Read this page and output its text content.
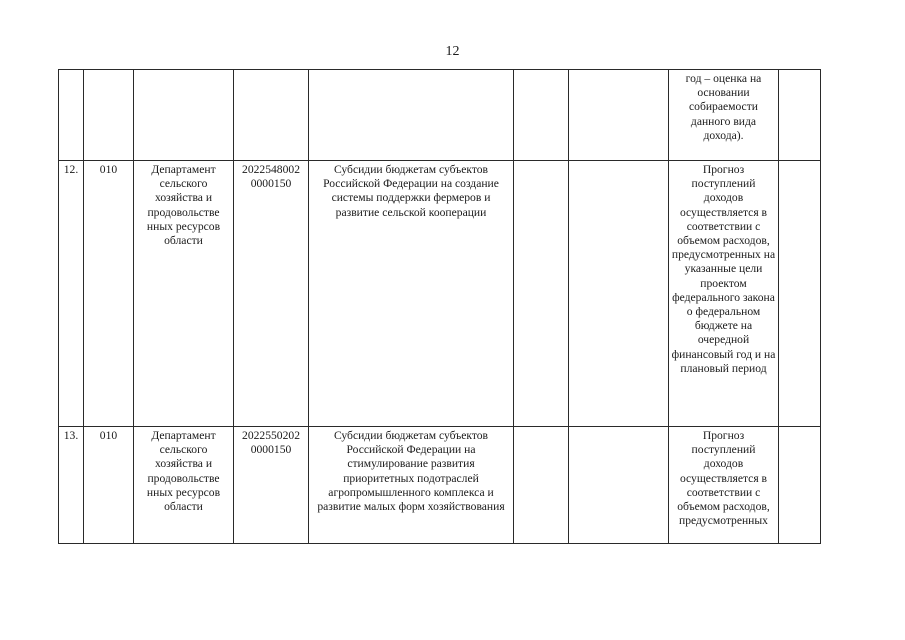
12

							год – оценка на основании собираемости данного вида дохода).	

12.	010	Департамент сельского хозяйства и продовольстве нных ресурсов области	2022548002 0000150	Субсидии бюджетам субъектов Российской Федерации на создание системы поддержки фермеров и развитие сельской кооперации			Прогноз поступлений доходов осуществляется в соответствии с объемом расходов, предусмотренных на указанные цели проектом федерального закона о федеральном бюджете на очередной финансовый год и на плановый период	

13.	010	Департамент сельского хозяйства и продовольстве нных ресурсов области	2022550202 0000150	Субсидии бюджетам субъектов Российской Федерации на стимулирование развития приоритетных подотраслей агропромышленного комплекса и развитие малых форм хозяйствования			Прогноз поступлений доходов осуществляется в соответствии с объемом расходов, предусмотренных	
